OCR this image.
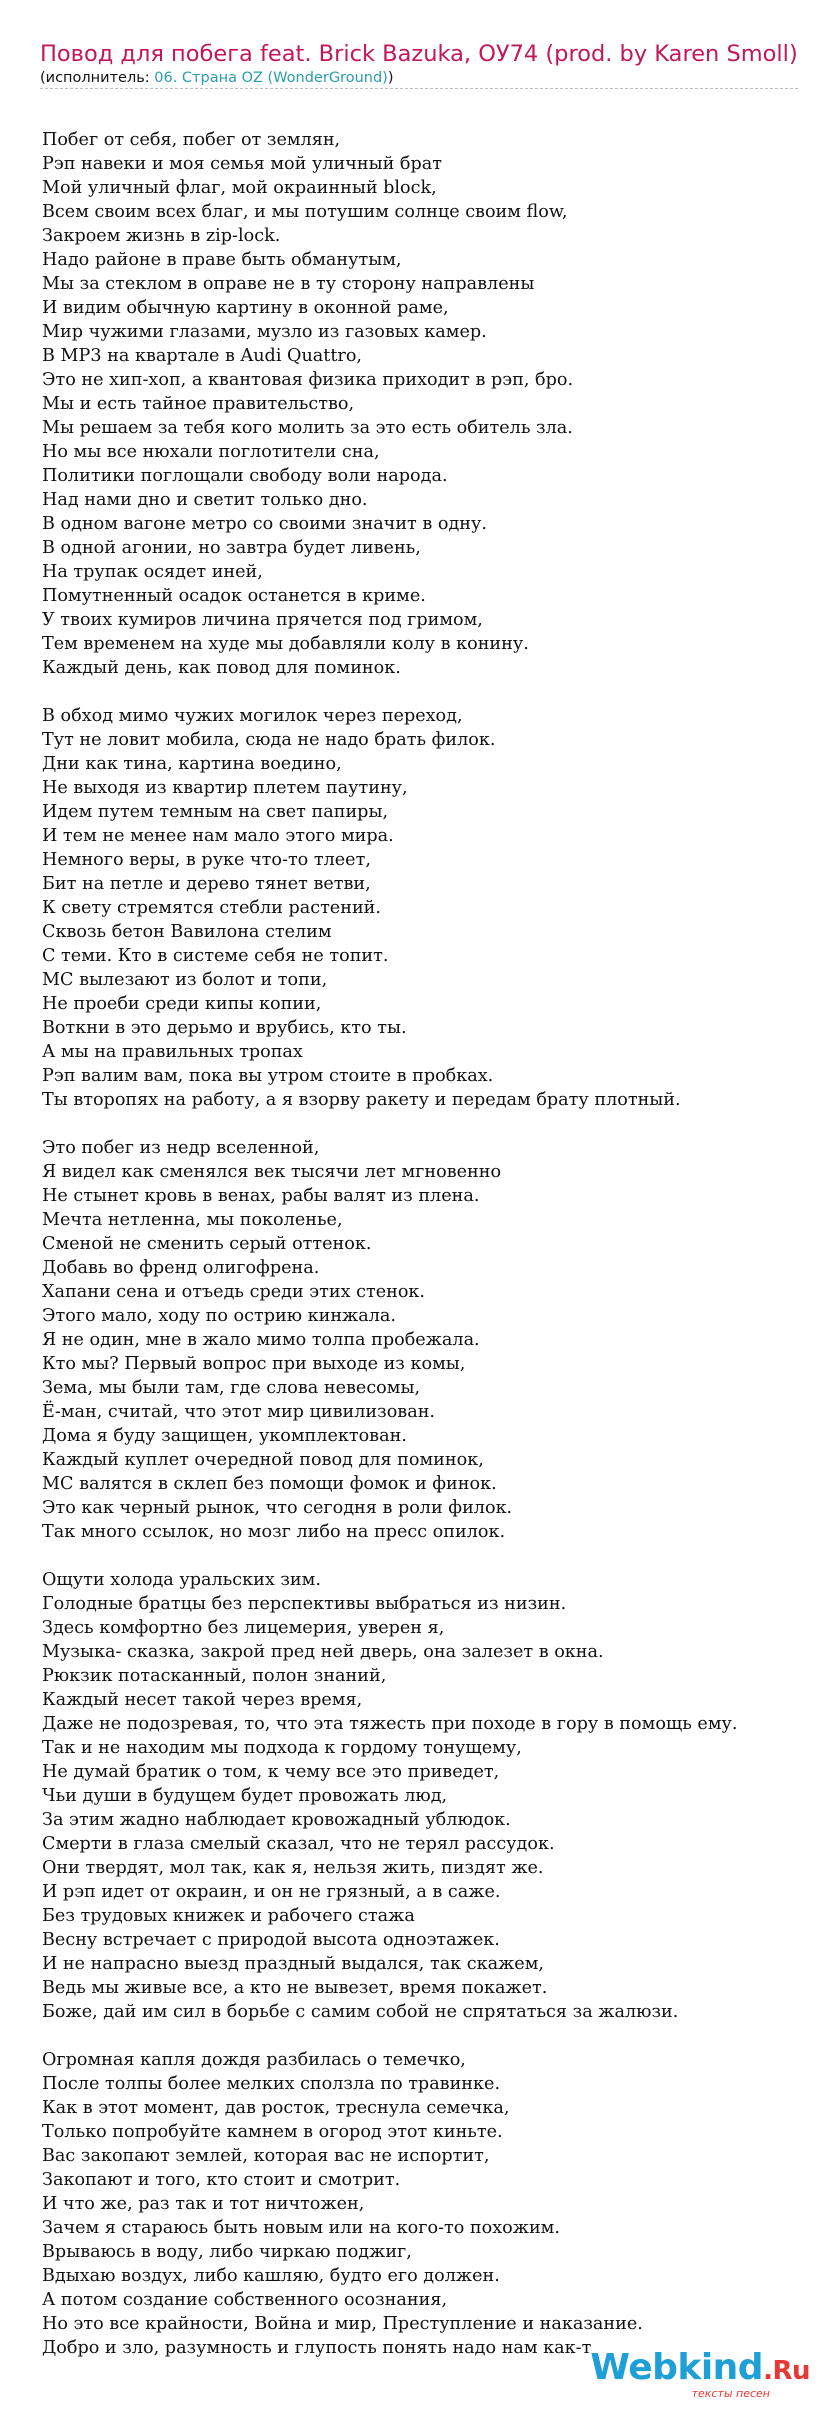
Повод для побега feat. Brick Bazuka, ОУ74 (prod. by Karen Smoll)
(исполнитель: 06. Страна OZ (WonderGround))
Побег от себя, побег от землян,
Рэп навеки и моя семья мой уличный брат
Мой уличный флаг, мой окраинный block,
Всем своим всех благ, и мы потушим солнце своим flow,
Закроем жизнь в zip-lock.
Надо районе в праве быть обманутым,
Мы за стеклом в оправе не в ту сторону направлены
И видим обычную картину в оконной раме,
Мир чужими глазами, музло из газовых камер.
В MP3 на квартале в Audi Quattro,
Это не хип-хоп, а квантовая физика приходит в рэп, бро.
Мы и есть тайное правительство,
Мы решаем за тебя кого молить за это есть обитель зла.
Но мы все нюхали поглотители сна,
Политики поглощали свободу воли народа.
Над нами дно и светит только дно.
В одном вагоне метро со своими значит в одну.
В одной агонии, но завтра будет ливень,
На трупак осядет иней,
Помутненный осадок останется в криме.
У твоих кумиров личина прячется под гримом,
Тем временем на худе мы добавляли колу в конину.
Каждый день, как повод для поминок.
В обход мимо чужих могилок через переход,
Тут не ловит мобила, сюда не надо брать филок.
Дни как тина, картина воедино,
Не выходя из квартир плетем паутину,
Идем путем темным на свет папиры,
И тем не менее нам мало этого мира.
Немного веры, в руке что-то тлеет,
Бит на петле и дерево тянет ветви,
К свету стремятся стебли растений.
Сквозь бетон Вавилона стелим
С теми. Кто в системе себя не топит.
МС вылезают из болот и топи,
Не проеби среди кипы копии,
Воткни в это дерьмо и врубись, кто ты.
А мы на правильных тропах
Рэп валим вам, пока вы утром стоите в пробках.
Ты второпях на работу, а я взорву ракету и передам брату плотный.
Это побег из недр вселенной,
Я видел как сменялся век тысячи лет мгновенно
Не стынет кровь в венах, рабы валят из плена.
Мечта нетленна, мы поколенье,
Сменой не сменить серый оттенок.
Добавь во френд олигофрена.
Хапани сена и отъедь среди этих стенок.
Этого мало, ходу по острию кинжала.
Я не один, мне в жало мимо толпа пробежала.
Кто мы? Первый вопрос при выходе из комы,
Зема, мы были там, где слова невесомы,
Ё-ман, считай, что этот мир цивилизован.
Дома я буду защищен, укомплектован.
Каждый куплет очередной повод для поминок,
МС валятся в склеп без помощи фомок и финок.
Это как черный рынок, что сегодня в роли филок.
Так много ссылок, но мозг либо на пресс опилок.
Ощути холода уральских зим.
Голодные братцы без перспективы выбраться из низин.
Здесь комфортно без лицемерия, уверен я,
Музыка- сказка, закрой пред ней дверь, она залезет в окна.
Рюкзик потасканный, полон знаний,
Каждый несет такой через время,
Даже не подозревая, то, что эта тяжесть при походе в гору в помощь ему.
Так и не находим мы подхода к гордому тонущему,
Не думай братик о том, к чему все это приведет,
Чьи души в будущем будет провожать люд,
За этим жадно наблюдает кровожадный ублюдок.
Смерти в глаза смелый сказал, что не терял рассудок.
Они твердят, мол так, как я, нельзя жить, пиздят же.
И рэп идет от окраин, и он не грязный, а в саже.
Без трудовых книжек и рабочего стажа
Весну встречает с природой высота одноэтажек.
И не напрасно выезд праздный выдался, так скажем,
Ведь мы живые все, а кто не вывезет, время покажет.
Боже, дай им сил в борьбе с самим собой не спрятаться за жалюзи.
Огромная капля дождя разбилась о темечко,
После толпы более мелких сползла по травинке.
Как в этот момент, дав росток, треснула семечка,
Только попробуйте камнем в огород этот киньте.
Вас закопают землей, которая вас не испортит,
Закопают и того, кто стоит и смотрит.
И что же, раз так и тот ничтожен,
Зачем я стараюсь быть новым или на кого-то похожим.
Врываюсь в воду, либо чиркаю поджиг,
Вдыхаю воздух, либо кашляю, будто его должен.
А потом создание собственного осознания,
Но это все крайности, Война и мир, Преступление и наказание.
Добро и зло, разумность и глупость понять надо нам как-т
Webkind.Ru
тексты песен
